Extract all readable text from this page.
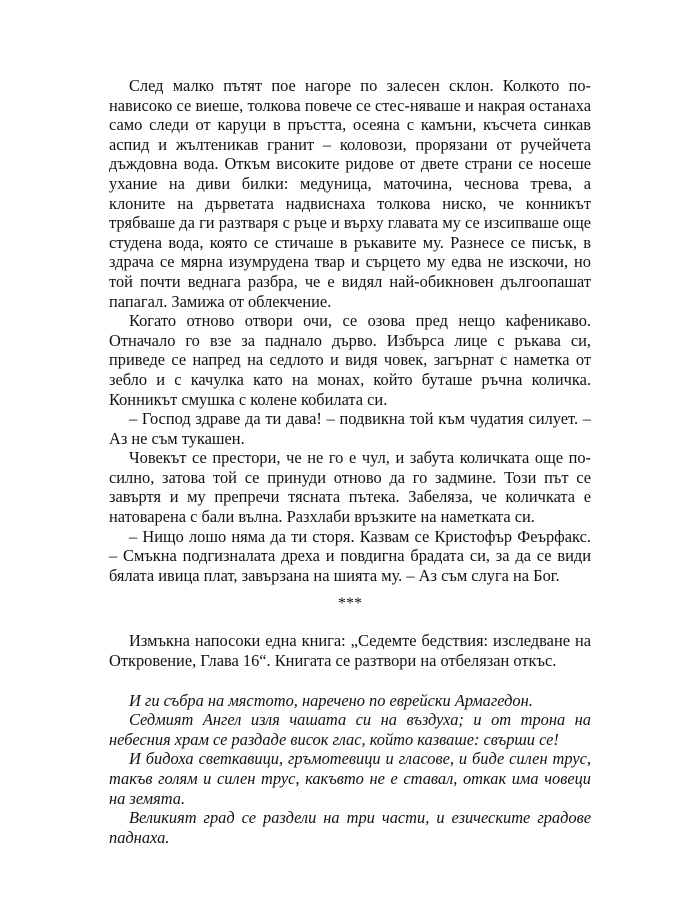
След малко пътят пое нагоре по залесен склон. Колкото по-нависоко се виеше, толкова повече се стес-няваше и накрая останаха само следи от каруци в пръстта, осеяна с камъни, късчета синкав аспид и жълтеникав гранит – коловози, прорязани от ручейчета дъждовна вода. Откъм високите ридове от двете страни се носеше ухание на диви билки: медуница, маточина, чеснова трева, а клоните на дърветата надвиснаха толкова ниско, че конникът трябваше да ги разтваря с ръце и върху главата му се изсипваше още студена вода, която се стичаше в ръкавите му. Разнесе се писък, в здрача се мярна изумрудена твар и сърцето му едва не изскочи, но той почти веднага разбра, че е видял най-обикновен дългоопашат папагал. Замижа от облекчение.

Когато отново отвори очи, се озова пред нещо кафеникаво. Отначало го взе за паднало дърво. Избърса лице с ръкава си, приведе се напред на седлото и видя човек, загърнат с наметка от зебло и с качулка като на монах, който буташе ръчна количка. Конникът смушка с колене кобилата си.

– Господ здраве да ти дава! – подвикна той към чудатия силует. – Аз не съм тукашен.

Човекът се престори, че не го е чул, и забута количката още по-силно, затова той се принуди отново да го задмине. Този път се завъртя и му препречи тясната пътека. Забеляза, че количката е натоварена с бали вълна. Разхлаби връзките на наметката си.

– Нищо лошо няма да ти сторя. Казвам се Кристофър Феърфакс. – Смъкна подгизналата дреха и повдигна брадата си, за да се види бялата ивица плат, завързана на шията му. – Аз съм слуга на Бог.

***

Измъкна напосоки една книга: „Седемте бедствия: изследване на Откровение, Глава 16“. Книгата се разтвори на отбелязан откъс.

И ги събра на мястото, наречено по еврейски Армагедон.

Седмият Ангел изля чашата си на въздуха; и от трона на небесния храм се раздаде висок глас, който казваше: свърши се!

И бидоха светкавици, гръмотевици и гласове, и биде силен трус, такъв голям и силен трус, какъвто не е ставал, откак има човеци на земята.

Великият град се раздели на три части, и езическите градове паднаха.
